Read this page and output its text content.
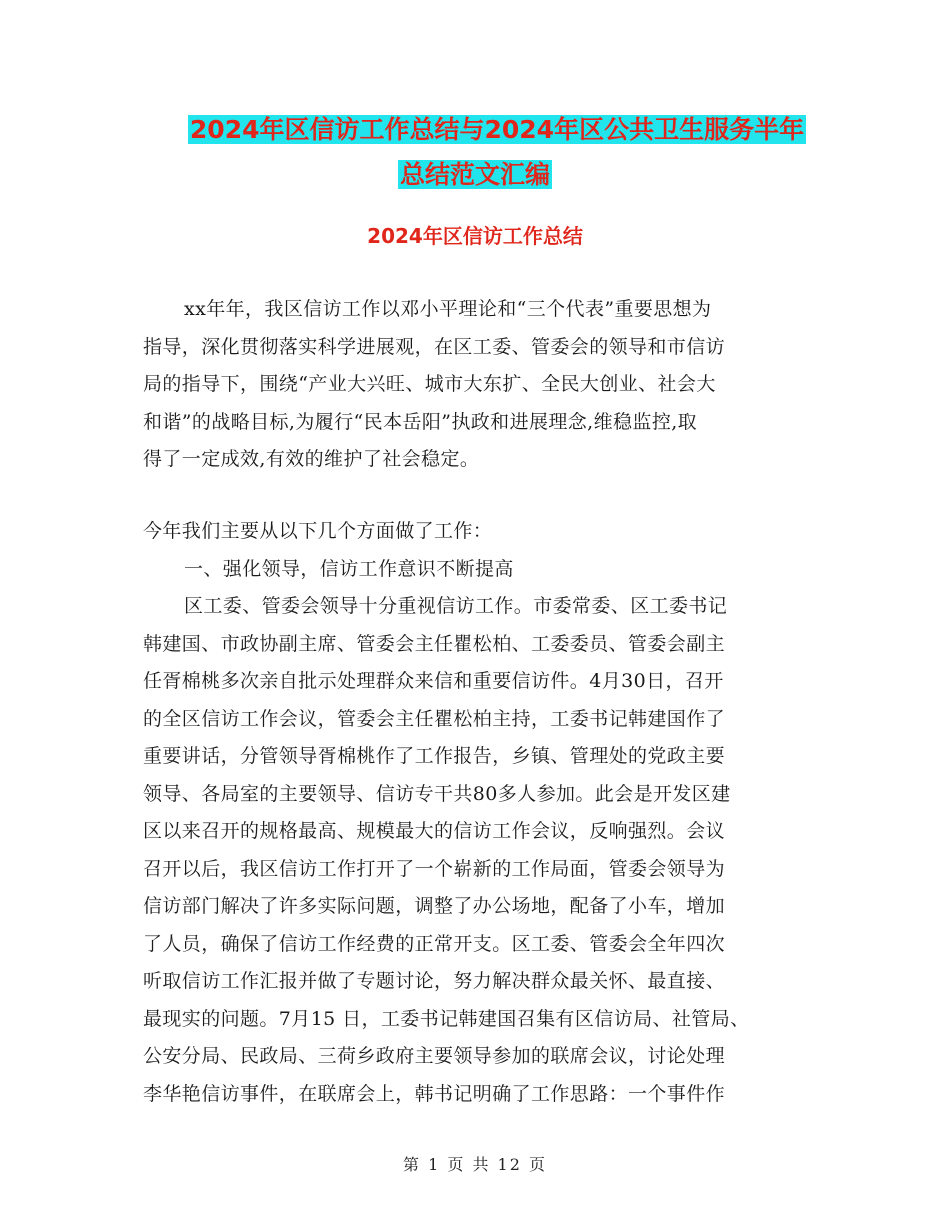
2024年区信访工作总结与2024年区公共卫生服务半年
总结范文汇编
2024年区信访工作总结
xx年年，我区信访工作以邓小平理论和“三个代表”重要思想为
指导，深化贯彻落实科学进展观，在区工委、管委会的领导和市信访
局的指导下，围绕“产业大兴旺、城市大东扩、全民大创业、社会大
和谐”的战略目标,为履行“民本岳阳”执政和进展理念,维稳监控,取
得了一定成效,有效的维护了社会稳定。
今年我们主要从以下几个方面做了工作：
一、强化领导，信访工作意识不断提高
区工委、管委会领导十分重视信访工作。市委常委、区工委书记
韩建国、市政协副主席、管委会主任瞿松柏、工委委员、管委会副主
任胥棉桃多次亲自批示处理群众来信和重要信访件。4月30日，召开
的全区信访工作会议，管委会主任瞿松柏主持，工委书记韩建国作了
重要讲话，分管领导胥棉桃作了工作报告，乡镇、管理处的党政主要
领导、各局室的主要领导、信访专干共80多人参加。此会是开发区建
区以来召开的规格最高、规模最大的信访工作会议，反响强烈。会议
召开以后，我区信访工作打开了一个崭新的工作局面，管委会领导为
信访部门解决了许多实际问题，调整了办公场地，配备了小车，增加
了人员，确保了信访工作经费的正常开支。区工委、管委会全年四次
听取信访工作汇报并做了专题讨论，努力解决群众最关怀、最直接、
最现实的问题。7月15 日，工委书记韩建国召集有区信访局、社管局、
公安分局、民政局、三荷乡政府主要领导参加的联席会议，讨论处理
李华艳信访事件，在联席会上，韩书记明确了工作思路：一个事件作
第 1 页 共 12 页
